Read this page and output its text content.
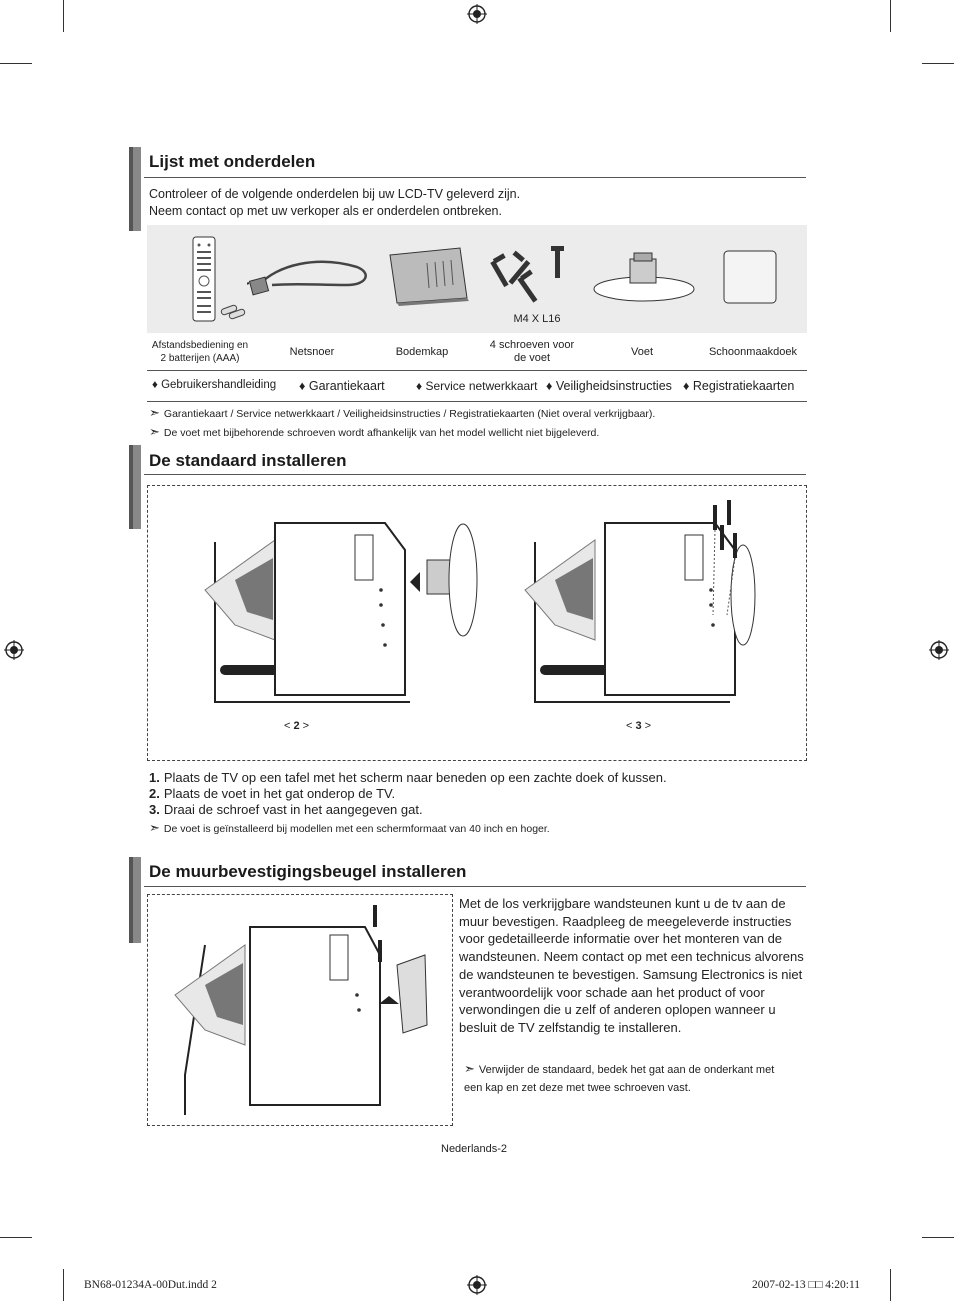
Lijst met onderdelen
Controleer of de volgende onderdelen bij uw LCD-TV geleverd zijn.
Neem contact op met uw verkoper als er onderdelen ontbreken.
M4 X L16
Afstandsbediening en
2 batterijen (AAA)
Netsnoer	Bodemkap
4 schroeven voor
de voet	Voet	Schoonmaakdoek
♦ Gebruikershandleiding ♦ Garantiekaart	♦ Service netwerkkaart ♦ Veiligheidsinstructies ♦ Registratiekaarten
➣ Garantiekaart / Service netwerkkaart / Veiligheidsinstructies / Registratiekaarten (Niet overal verkrijgbaar).
➣ De voet met bijbehorende schroeven wordt afhankelijk van het model wellicht niet bijgeleverd.
De standaard installeren
< 2 >	< 3 >
1. Plaats de TV op een tafel met het scherm naar beneden op een zachte doek of kussen.
2. Plaats de voet in het gat onderop de TV.
3. Draai de schroef vast in het aangegeven gat.
➣ De voet is geïnstalleerd bij modellen met een schermformaat van 40 inch en hoger.
De muurbevestigingsbeugel installeren
Met de los verkrijgbare wandsteunen kunt u de tv aan de muur bevestigen. Raadpleeg de meegeleverde instructies voor gedetailleerde informatie over het monteren van de wandsteunen. Neem contact op met een technicus alvorens de wandsteunen te bevestigen. Samsung Electronics is niet verantwoordelijk voor schade aan het product of voor verwondingen die u zelf of anderen oplopen wanneer u besluit de TV zelfstandig te installeren.
➣ Verwijder de standaard, bedek het gat aan de onderkant met een kap en zet deze met twee schroeven vast.
Nederlands-2
BN68-01234A-00Dut.indd 2	2007-02-13 □□ 4:20:11
